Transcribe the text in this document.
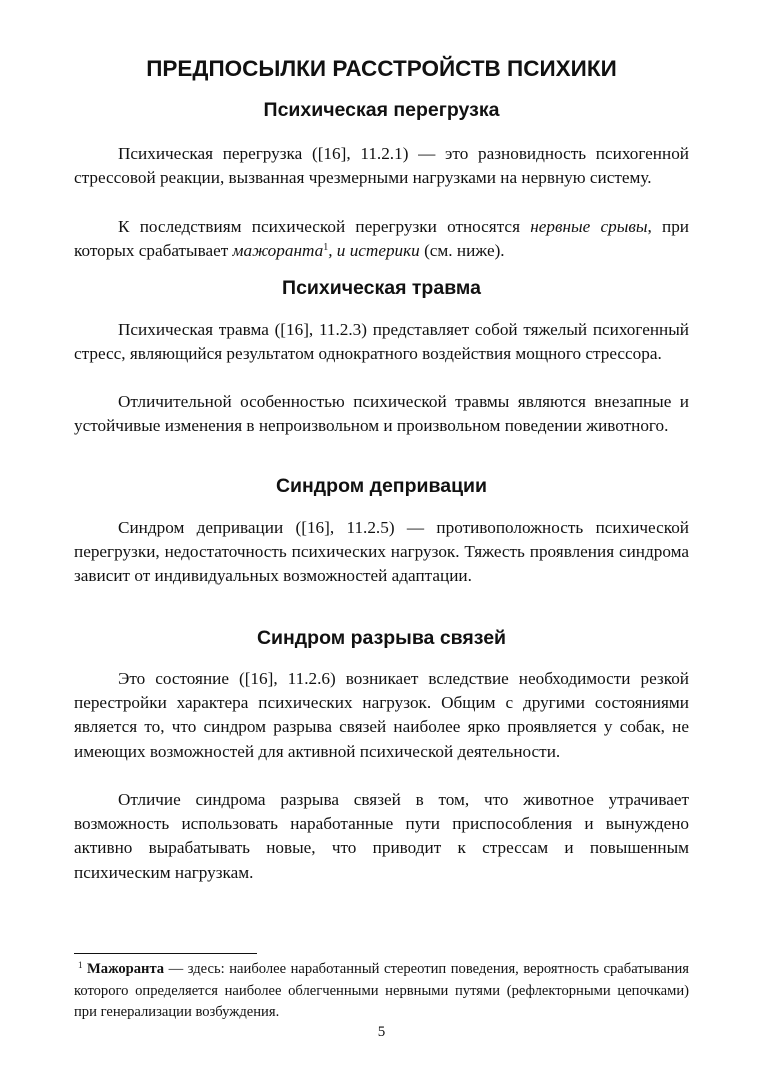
ПРЕДПОСЫЛКИ РАССТРОЙСТВ ПСИХИКИ
Психическая перегрузка

Психическая перегрузка ([16], 11.2.1) — это разновидность психогенной стрессовой реакции, вызванная чрезмерными нагрузками на нервную систему.

К последствиям психической перегрузки относятся нервные срывы, при которых срабатывает мажоранта$^1$, и истерики (см. ниже).

Психическая травма

Психическая травма ([16], 11.2.3) представляет собой тяжелый психогенный стресс, являющийся результатом однократного воздействия мощного стрессора.

Отличительной особенностью психической травмы являются внезапные и устойчивые изменения в непроизвольном и произвольном поведении животного.

Синдром депривации

Синдром депривации ([16], 11.2.5) — противоположность психической перегрузки, недостаточность психических нагрузок. Тяжесть проявления синдрома зависит от индивидуальных возможностей адаптации.

Синдром разрыва связей

Это состояние ([16], 11.2.6) возникает вследствие необходимости резкой перестройки характера психических нагрузок. Общим с другими состояниями является то, что синдром разрыва связей наиболее ярко проявляется у собак, не имеющих возможностей для активной психической деятельности.

Отличие синдрома разрыва связей в том, что животное утрачивает возможность использовать наработанные пути приспособления и вынуждено активно вырабатывать новые, что приводит к стрессам и повышенным психическим нагрузкам.

$^1$ Мажоранта — здесь: наиболее наработанный стереотип поведения, вероятность срабатывания которого определяется наиболее облегченными нервными путями (рефлекторными цепочками) при генерализации возбуждения.

5
